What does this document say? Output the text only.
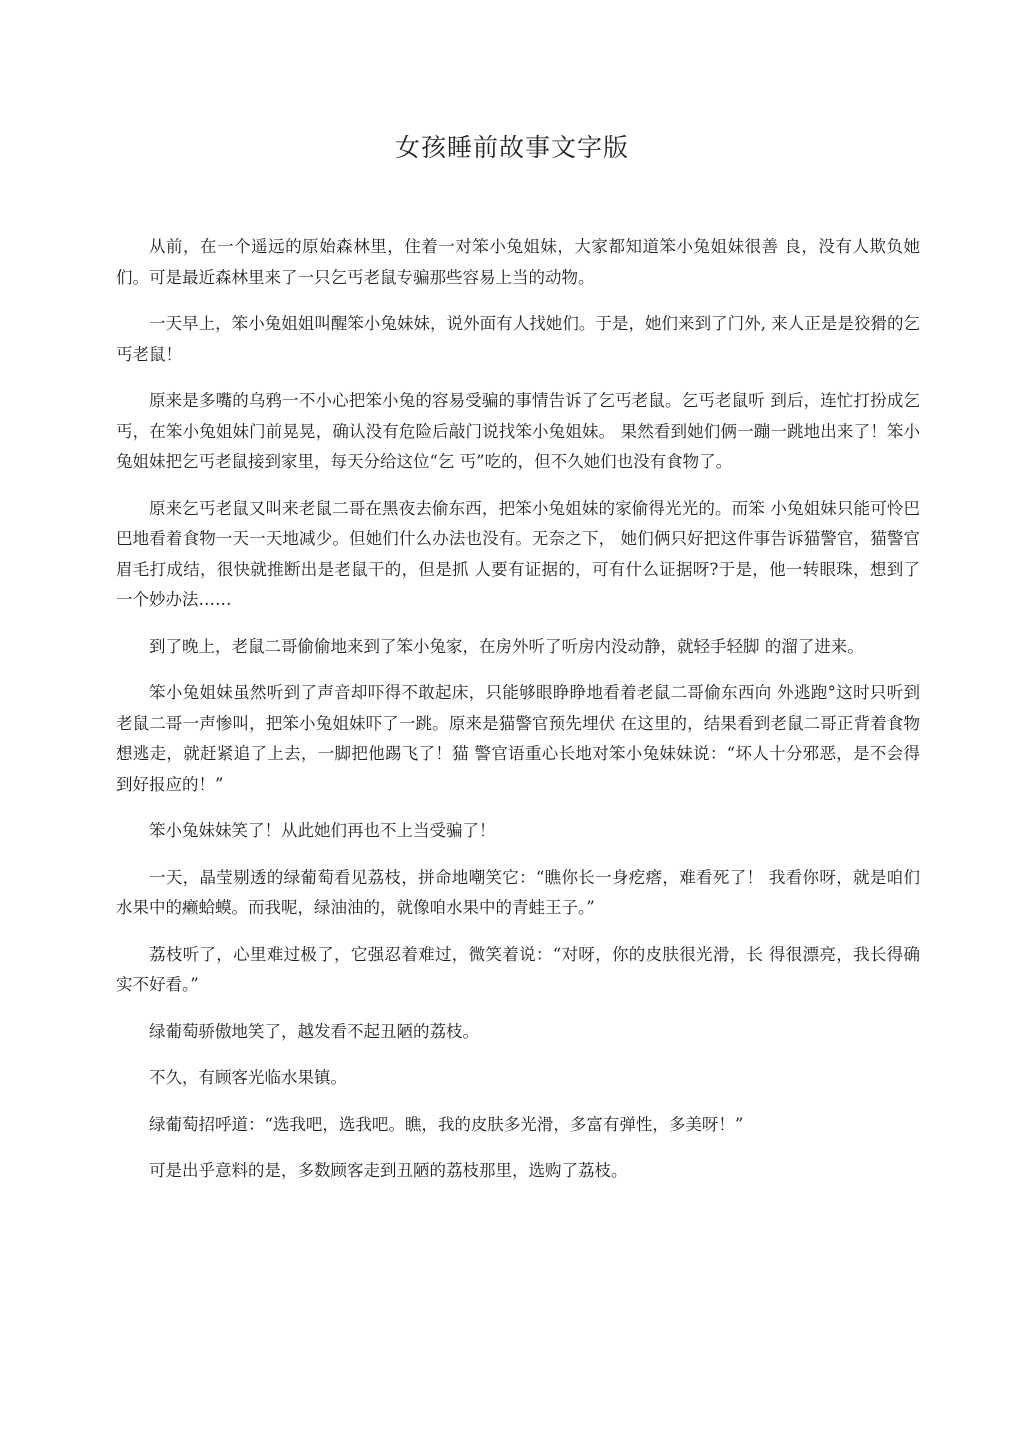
女孩睡前故事文字版

从前，在一个遥远的原始森林里，住着一对笨小兔姐妹，大家都知道笨小兔姐妹很善 良，没有人欺负她们。可是最近森林里来了一只乞丐老鼠专骗那些容易上当的动物。

一天早上，笨小兔姐姐叫醒笨小兔妹妹，说外面有人找她们。于是，她们来到了门外, 来人正是是狡猾的乞丐老鼠！

原来是多嘴的乌鸦一不小心把笨小兔的容易受骗的事情告诉了乞丐老鼠。乞丐老鼠听 到后，连忙打扮成乞丐，在笨小兔姐妹门前晃晃，确认没有危险后敲门说找笨小兔姐妹。 果然看到她们俩一蹦一跳地出来了！笨小兔姐妹把乞丐老鼠接到家里，每天分给这位“乞 丐”吃的，但不久她们也没有食物了。

原来乞丐老鼠又叫来老鼠二哥在黑夜去偷东西，把笨小兔姐妹的家偷得光光的。而笨 小兔姐妹只能可怜巴巴地看着食物一天一天地减少。但她们什么办法也没有。无奈之下， 她们俩只好把这件事告诉猫警官，猫警官眉毛打成结，很快就推断出是老鼠干的，但是抓 人要有证据的，可有什么证据呀?于是，他一转眼珠，想到了一个妙办法……

到了晚上，老鼠二哥偷偷地来到了笨小兔家，在房外听了听房内没动静，就轻手轻脚 的溜了进来。

笨小兔姐妹虽然听到了声音却吓得不敢起床，只能够眼睁睁地看着老鼠二哥偷东西向 外逃跑°这时只听到老鼠二哥一声惨叫，把笨小兔姐妹吓了一跳。原来是猫警官预先埋伏 在这里的，结果看到老鼠二哥正背着食物想逃走，就赶紧追了上去，一脚把他踢飞了！猫 警官语重心长地对笨小兔妹妹说：“坏人十分邪恶，是不会得到好报应的！”

笨小兔妹妹笑了！从此她们再也不上当受骗了！

一天，晶莹剔透的绿葡萄看见荔枝，拼命地嘲笑它：“瞧你长一身疙瘩，难看死了！ 我看你呀，就是咱们水果中的癞蛤蟆。而我呢，绿油油的，就像咱水果中的青蛙王子。”

荔枝听了，心里难过极了，它强忍着难过，微笑着说：“对呀，你的皮肤很光滑，长 得很漂亮，我长得确实不好看。”

绿葡萄骄傲地笑了，越发看不起丑陋的荔枝。

不久，有顾客光临水果镇。

绿葡萄招呼道：“选我吧，选我吧。瞧，我的皮肤多光滑，多富有弹性，多美呀！”

可是出乎意料的是，多数顾客走到丑陋的荔枝那里，选购了荔枝。
